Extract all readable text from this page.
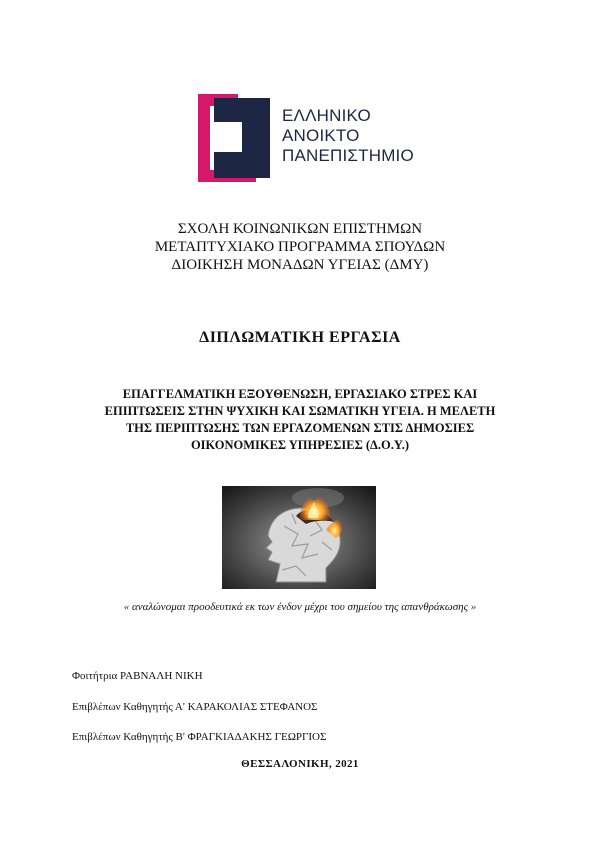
ΕΛΛΗΝΙΚΟ
ΑΝΟΙΚΤΟ
ΠΑΝΕΠΙΣΤΗΜΙΟ
ΣΧΟΛΗ ΚΟΙΝΩΝΙΚΩΝ ΕΠΙΣΤΗΜΩΝ
ΜΕΤΑΠΤΥΧΙΑΚΟ ΠΡΟΓΡΑΜΜΑ ΣΠΟΥΔΩΝ
ΔΙΟΙΚΗΣΗ ΜΟΝΑΔΩΝ ΥΓΕΙΑΣ (ΔΜΥ)
ΔΙΠΛΩΜΑΤΙΚΗ ΕΡΓΑΣΙΑ
ΕΠΑΓΓΕΛΜΑΤΙΚΗ ΕΞΟΥΘΕΝΩΣΗ, ΕΡΓΑΣΙΑΚΟ ΣΤΡΕΣ ΚΑΙ
ΕΠΙΠΤΩΣΕΙΣ ΣΤΗΝ ΨΥΧΙΚΗ ΚΑΙ ΣΩΜΑΤΙΚΗ ΥΓΕΙΑ. Η ΜΕΛΕΤΗ
ΤΗΣ ΠΕΡΙΠΤΩΣΗΣ ΤΩΝ ΕΡΓΑΖΟΜΕΝΩΝ ΣΤΙΣ ΔΗΜΟΣΙΕΣ
ΟΙΚΟΝΟΜΙΚΕΣ ΥΠΗΡΕΣΙΕΣ (Δ.Ο.Υ.)
« αναλώνομαι προοδευτικά εκ των ένδον μέχρι του σημείου της απανθράκωσης »
Φοιτήτρια ΡΑΒΝΑΛΗ ΝΙΚΗ
Επιβλέπων Καθηγητής Α' ΚΑΡΑΚΟΛΙΑΣ ΣΤΕΦΑΝΟΣ
Επιβλέπων Καθηγητής Β' ΦΡΑΓΚΙΑΔΑΚΗΣ ΓΕΩΡΓΙΟΣ
ΘΕΣΣΑΛΟΝΙΚΗ, 2021
